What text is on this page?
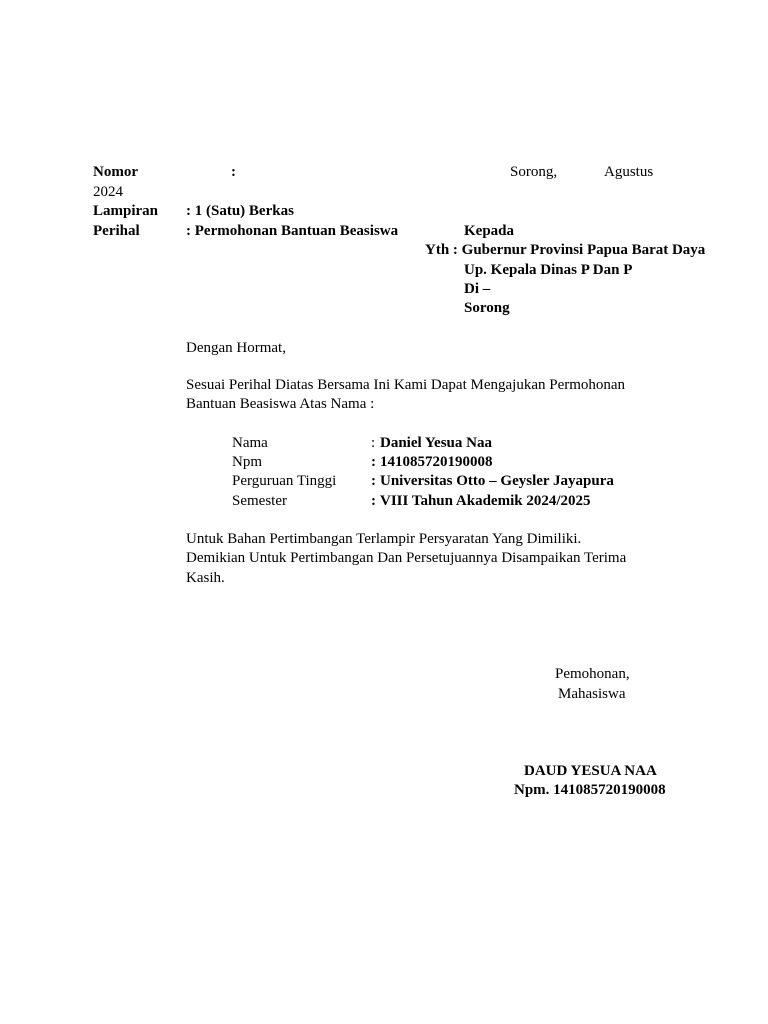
Nomor	:	Sorong,	Agustus
2024
Lampiran : 1 (Satu) Berkas
Perihal	: Permohonan Bantuan Beasiswa	Kepada
Yth : Gubernur Provinsi Papua Barat Daya
Up. Kepala Dinas P Dan P
Di –
Sorong
Dengan Hormat,
Sesuai Perihal Diatas Bersama Ini Kami Dapat Mengajukan Permohonan
Bantuan Beasiswa Atas Nama :
Nama	: Daniel Yesua Naa
Npm	: 141085720190008
Perguruan Tinggi : Universitas Otto – Geysler Jayapura
Semester	: VIII Tahun Akademik 2024/2025
Untuk Bahan Pertimbangan Terlampir Persyaratan Yang Dimiliki.
Demikian Untuk Pertimbangan Dan Persetujuannya Disampaikan Terima
Kasih.
Pemohonan,
Mahasiswa
DAUD YESUA NAA
Npm. 141085720190008
